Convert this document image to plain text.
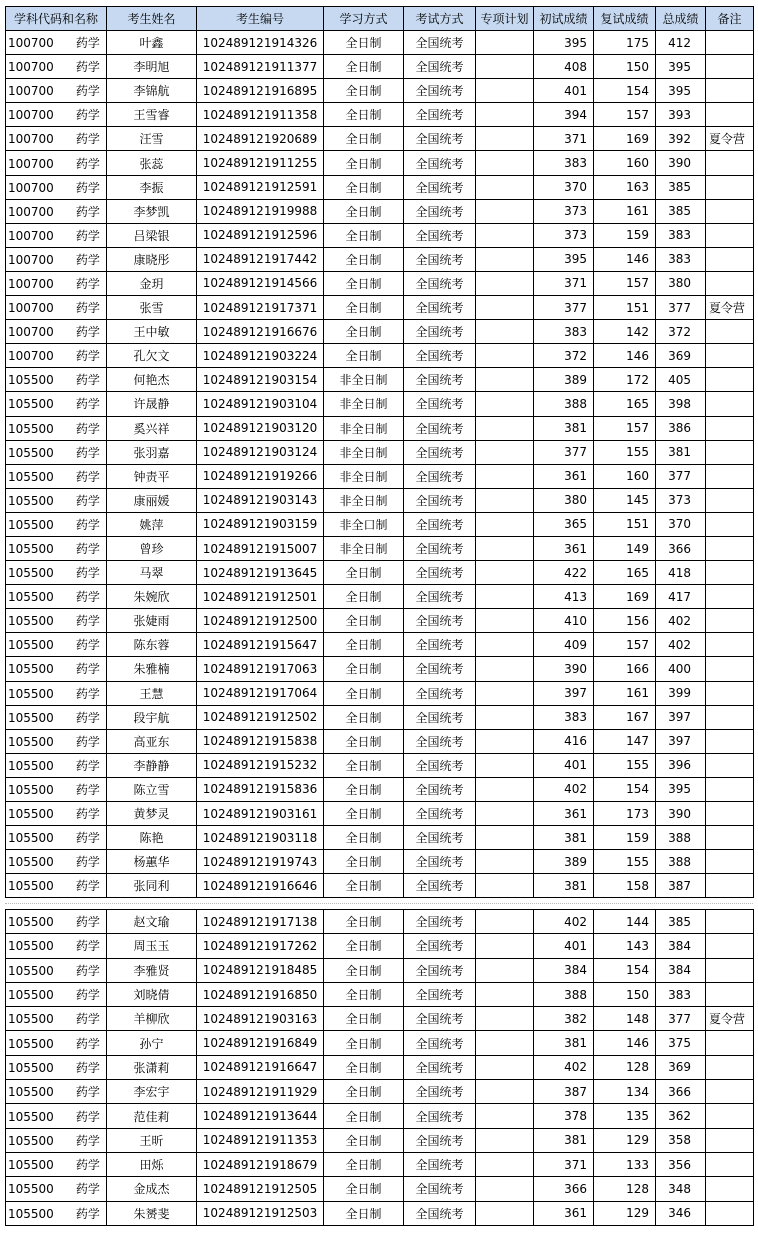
学科代码和名称	考生姓名	考生编号	学习方式	考试方式	专项计划	初试成绩	复试成绩	总成绩	备注
100700 药学	叶鑫	102489121914326	全日制	全国统考		395	175	412	
100700 药学	李明旭	102489121911377	全日制	全国统考		408	150	395	
100700 药学	李锦航	102489121916895	全日制	全国统考		401	154	395	
100700 药学	王雪睿	102489121911358	全日制	全国统考		394	157	393	
100700 药学	汪雪	102489121920689	全日制	全国统考		371	169	392	夏令营
100700 药学	张蕊	102489121911255	全日制	全国统考		383	160	390	
100700 药学	李振	102489121912591	全日制	全国统考		370	163	385	
100700 药学	李梦凯	102489121919988	全日制	全国统考		373	161	385	
100700 药学	吕梁银	102489121912596	全日制	全国统考		373	159	383	
100700 药学	康晓彤	102489121917442	全日制	全国统考		395	146	383	
100700 药学	金玥	102489121914566	全日制	全国统考		371	157	380	
100700 药学	张雪	102489121917371	全日制	全国统考		377	151	377	夏令营
100700 药学	王中敏	102489121916676	全日制	全国统考		383	142	372	
100700 药学	孔欠文	102489121903224	全日制	全国统考		372	146	369	
105500 药学	何艳杰	102489121903154	非全日制	全国统考		389	172	405	
105500 药学	许晟静	102489121903104	非全日制	全国统考		388	165	398	
105500 药学	奚兴祥	102489121903120	非全日制	全国统考		381	157	386	
105500 药学	张羽嘉	102489121903124	非全日制	全国统考		377	155	381	
105500 药学	钟责平	102489121919266	非全日制	全国统考		361	160	377	
105500 药学	康丽媛	102489121903143	非全日制	全国统考		380	145	373	
105500 药学	姚萍	102489121903159	非全口制	全国统考		365	151	370	
105500 药学	曾珍	102489121915007	非全日制	全国统考		361	149	366	
105500 药学	马翠	102489121913645	全日制	全国统考		422	165	418	
105500 药学	朱婉欣	102489121912501	全日制	全国统考		413	169	417	
105500 药学	张婕雨	102489121912500	全日制	全国统考		410	156	402	
105500 药学	陈东蓉	102489121915647	全日制	全国统考		409	157	402	
105500 药学	朱雅楠	102489121917063	全日制	全国统考		390	166	400	
105500 药学	王慧	102489121917064	全日制	全国统考		397	161	399	
105500 药学	段宇航	102489121912502	全日制	全国统考		383	167	397	
105500 药学	高亚东	102489121915838	全日制	全国统考		416	147	397	
105500 药学	李静静	102489121915232	全日制	全国统考		401	155	396	
105500 药学	陈立雪	102489121915836	全日制	全国统考		402	154	395	
105500 药学	黄梦灵	102489121903161	全日制	全国统考		361	173	390	
105500 药学	陈艳	102489121903118	全日制	全国统考		381	159	388	
105500 药学	杨蕙华	102489121919743	全日制	全国统考		389	155	388	
105500 药学	张同利	102489121916646	全日制	全国统考		381	158	387	
105500 药学	赵文瑜	102489121917138	全日制	全国统考		402	144	385	
105500 药学	周玉玉	102489121917262	全日制	全国统考		401	143	384	
105500 药学	李雅贤	102489121918485	全日制	全国统考		384	154	384	
105500 药学	刘晓倩	102489121916850	全日制	全国统考		388	150	383	
105500 药学	羊柳欣	102489121903163	全日制	全国统考		382	148	377	夏令营
105500 药学	孙宁	102489121916849	全日制	全国统考		381	146	375	
105500 药学	张潇莉	102489121916647	全日制	全国统考		402	128	369	
105500 药学	李宏宇	102489121911929	全日制	全国统考		387	134	366	
105500 药学	范佳莉	102489121913644	全日制	全国统考		378	135	362	
105500 药学	王昕	102489121911353	全日制	全国统考		381	129	358	
105500 药学	田烁	102489121918679	全日制	全国统考		371	133	356	
105500 药学	金成杰	102489121912505	全日制	全国统考		366	128	348	
105500 药学	朱赟斐	102489121912503	全日制	全国统考		361	129	346	
